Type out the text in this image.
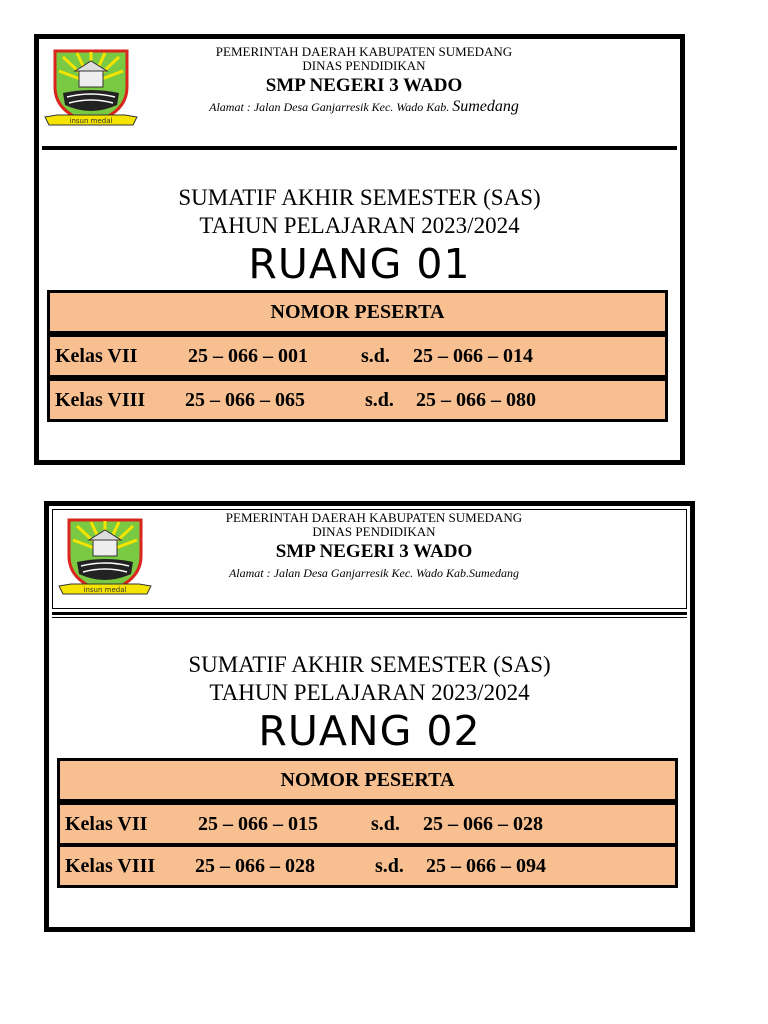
insun medal
PEMERINTAH DAERAH KABUPATEN SUMEDANG
DINAS PENDIDIKAN
SMP NEGERI 3 WADO
Alamat : Jalan Desa Ganjarresik Kec. Wado Kab. Sumedang
SUMATIF AKHIR SEMESTER (SAS)
TAHUN PELAJARAN 2023/2024
RUANG 01
NOMOR PESERTA
Kelas VII	25 – 066 – 001	s.d. 25 – 066 – 014
Kelas VIII 25 – 066 – 065	s.d. 25 – 066 – 080
insun medal
PEMERINTAH DAERAH KABUPATEN SUMEDANG
DINAS PENDIDIKAN
SMP NEGERI 3 WADO
Alamat : Jalan Desa Ganjarresik Kec. Wado Kab.Sumedang
SUMATIF AKHIR SEMESTER (SAS)
TAHUN PELAJARAN 2023/2024
RUANG 02
NOMOR PESERTA
Kelas VII	25 – 066 – 015	s.d. 25 – 066 – 028
Kelas VIII 25 – 066 – 028	s.d. 25 – 066 – 094
